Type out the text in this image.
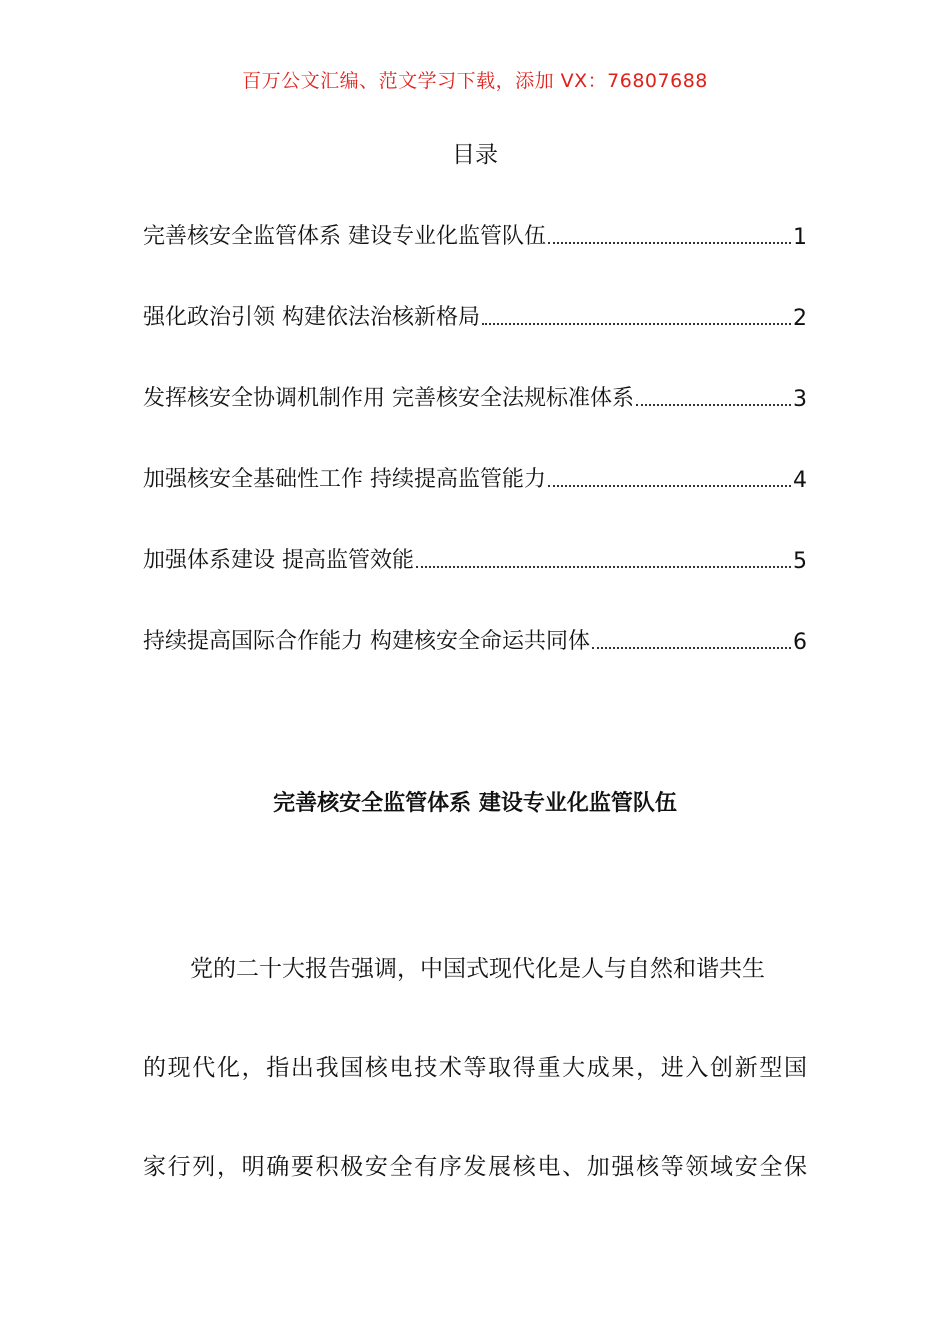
百万公文汇编、范文学习下载，添加 VX：76807688
目录
完善核安全监管体系 建设专业化监管队伍	1
强化政治引领 构建依法治核新格局	2
发挥核安全协调机制作用 完善核安全法规标准体系	3
加强核安全基础性工作 持续提高监管能力	4
加强体系建设 提高监管效能	5
持续提高国际合作能力 构建核安全命运共同体	6
完善核安全监管体系 建设专业化监管队伍
党的二十大报告强调，中国式现代化是人与自然和谐共生
的现代化，指出我国核电技术等取得重大成果，进入创新型国
家行列，明确要积极安全有序发展核电、加强核等领域安全保
